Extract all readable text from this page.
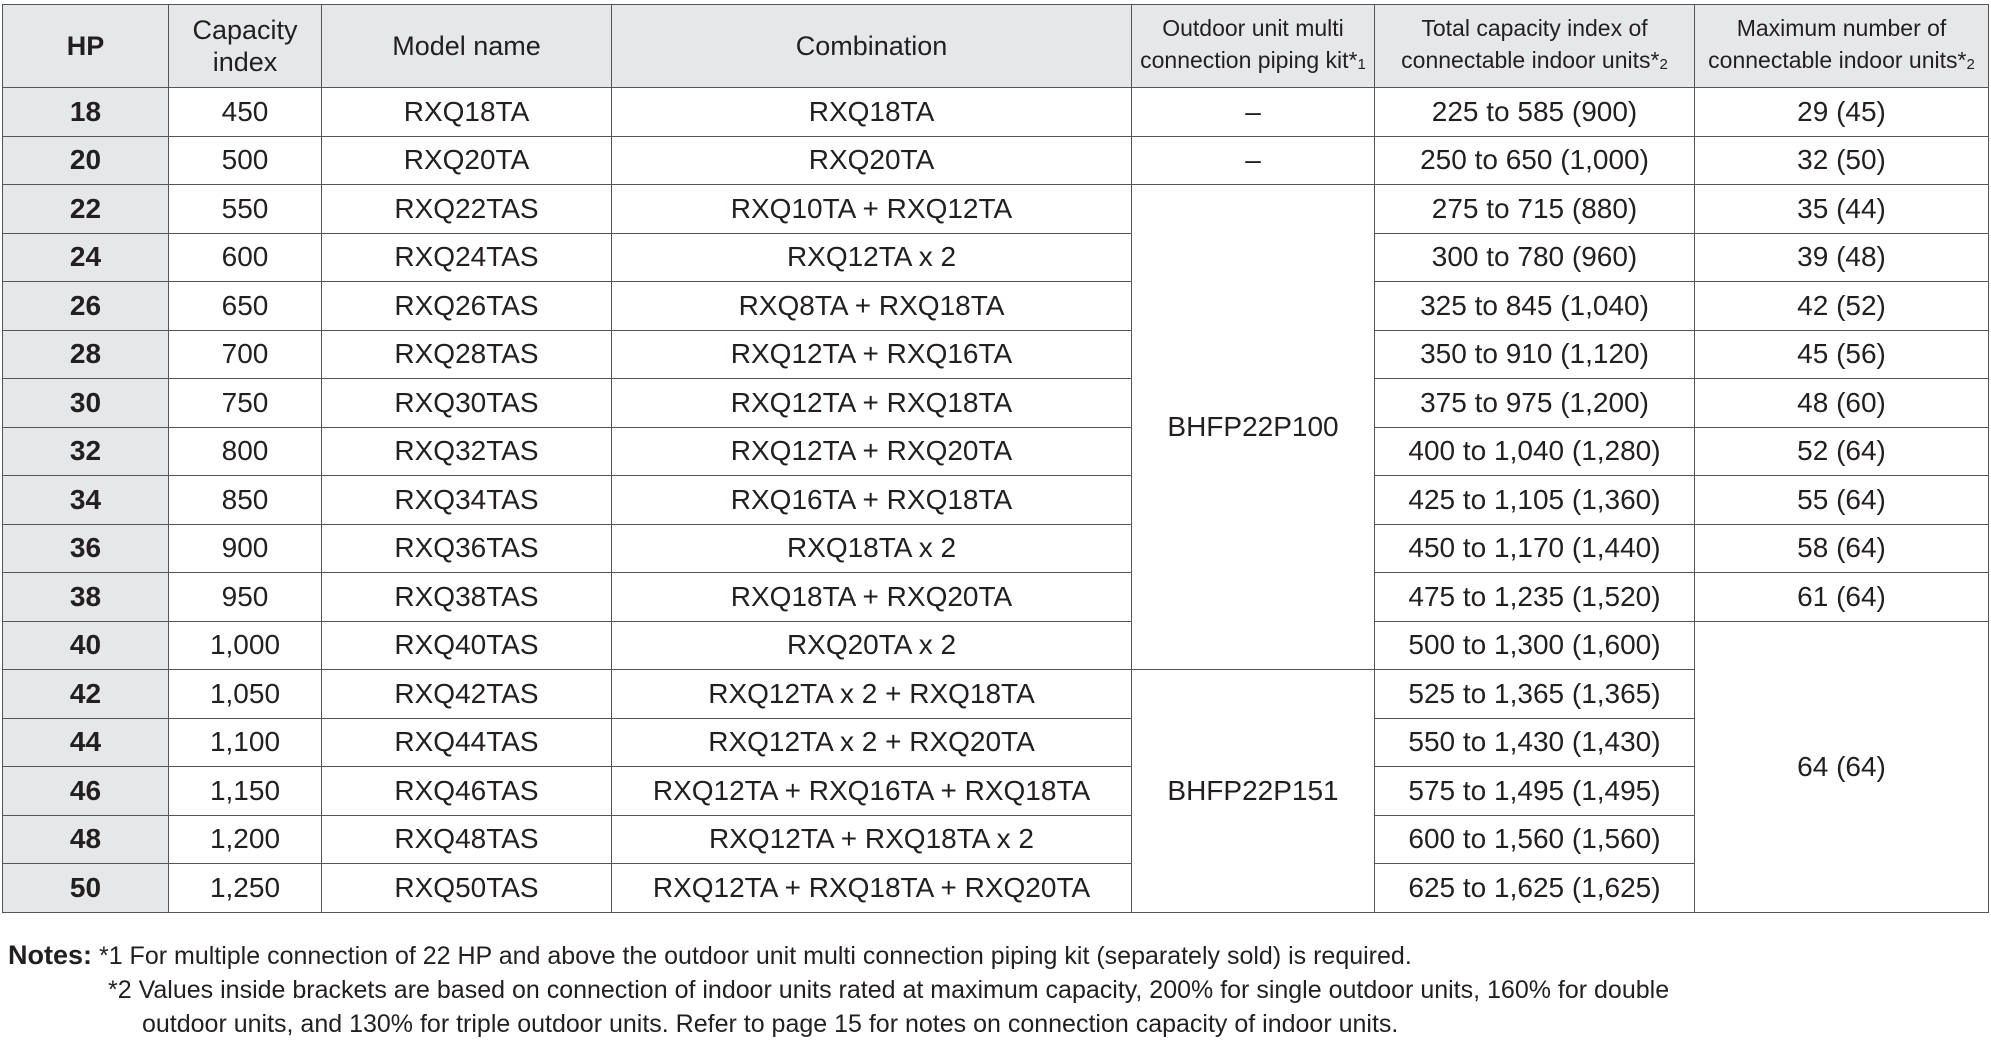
HP	Capacity index	Model name	Combination	Outdoor unit multi connection piping kit*$^1$	Total capacity index of connectable indoor units*$^2$	Maximum number of connectable indoor units*$^2$
18	450	RXQ18TA	RXQ18TA	–	225 to 585 (900)	29 (45)
20	500	RXQ20TA	RXQ20TA	–	250 to 650 (1,000)	32 (50)
22	550	RXQ22TAS	RXQ10TA + RXQ12TA	BHFP22P100	275 to 715 (880)	35 (44)
24	600	RXQ24TAS	RXQ12TA x 2		300 to 780 (960)	39 (48)
26	650	RXQ26TAS	RXQ8TA + RXQ18TA		325 to 845 (1,040)	42 (52)
28	700	RXQ28TAS	RXQ12TA + RXQ16TA		350 to 910 (1,120)	45 (56)
30	750	RXQ30TAS	RXQ12TA + RXQ18TA		375 to 975 (1,200)	48 (60)
32	800	RXQ32TAS	RXQ12TA + RXQ20TA		400 to 1,040 (1,280)	52 (64)
34	850	RXQ34TAS	RXQ16TA + RXQ18TA		425 to 1,105 (1,360)	55 (64)
36	900	RXQ36TAS	RXQ18TA x 2		450 to 1,170 (1,440)	58 (64)
38	950	RXQ38TAS	RXQ18TA + RXQ20TA		475 to 1,235 (1,520)	61 (64)
40	1,000	RXQ40TAS	RXQ20TA x 2		500 to 1,300 (1,600)	64 (64)
42	1,050	RXQ42TAS	RXQ12TA x 2 + RXQ18TA	BHFP22P151	525 to 1,365 (1,365)	
44	1,100	RXQ44TAS	RXQ12TA x 2 + RXQ20TA		550 to 1,430 (1,430)	
46	1,150	RXQ46TAS	RXQ12TA + RXQ16TA + RXQ18TA		575 to 1,495 (1,495)	
48	1,200	RXQ48TAS	RXQ12TA + RXQ18TA x 2		600 to 1,560 (1,560)	
50	1,250	RXQ50TAS	RXQ12TA + RXQ18TA + RXQ20TA		625 to 1,625 (1,625)	
Notes: *1 For multiple connection of 22 HP and above the outdoor unit multi connection piping kit (separately sold) is required.
*2 Values inside brackets are based on connection of indoor units rated at maximum capacity, 200% for single outdoor units, 160% for double
outdoor units, and 130% for triple outdoor units. Refer to page 15 for notes on connection capacity of indoor units.
